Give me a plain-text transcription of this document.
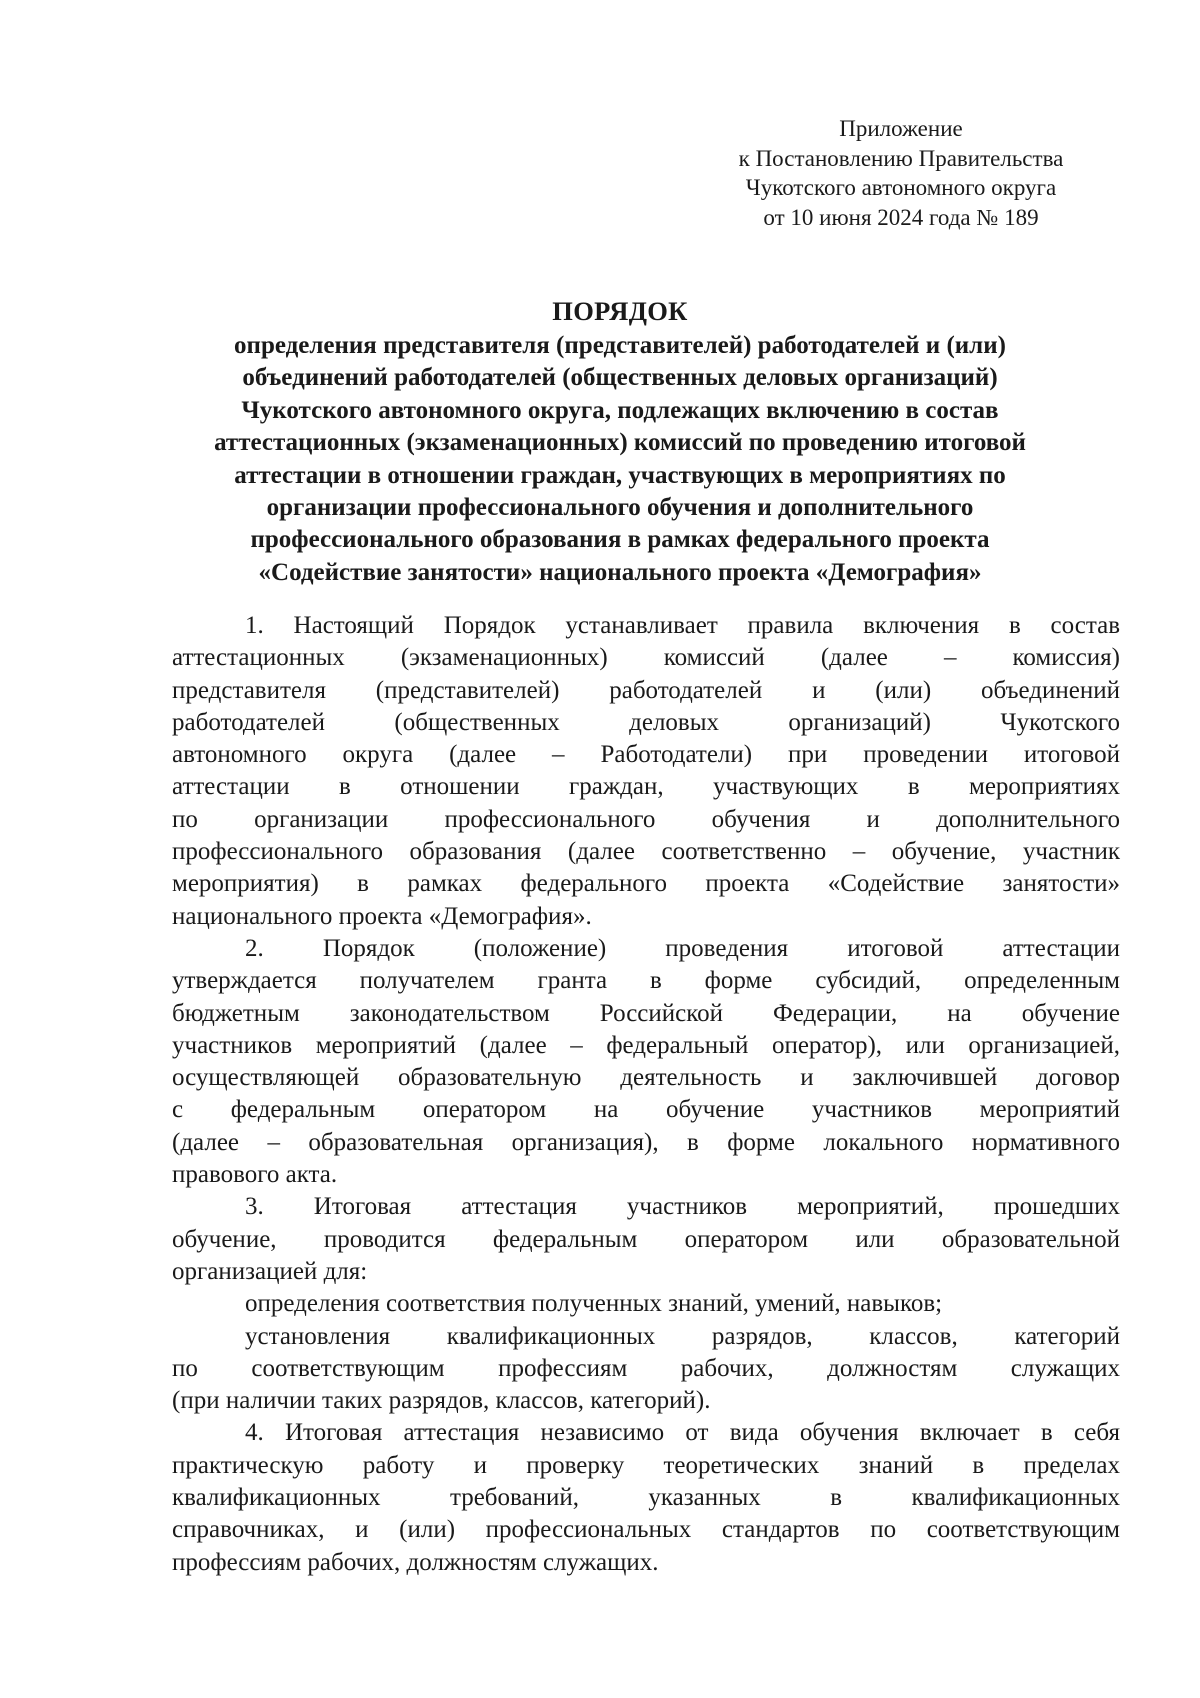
Приложение
к Постановлению Правительства
Чукотского автономного округа
от 10 июня 2024 года № 189
ПОРЯДОК
определения представителя (представителей) работодателей и (или)
объединений работодателей (общественных деловых организаций)
Чукотского автономного округа, подлежащих включению в состав
аттестационных (экзаменационных) комиссий по проведению итоговой
аттестации в отношении граждан, участвующих в мероприятиях по
организации профессионального обучения и дополнительного
профессионального образования в рамках федерального проекта
«Содействие занятости» национального проекта «Демография»
1. Настоящий Порядок устанавливает правила включения в состав
аттестационных (экзаменационных) комиссий (далее – комиссия)
представителя (представителей) работодателей и (или) объединений
работодателей (общественных деловых организаций) Чукотского
автономного округа (далее – Работодатели) при проведении итоговой
аттестации в отношении граждан, участвующих в мероприятиях
по организации профессионального обучения и дополнительного
профессионального образования (далее соответственно – обучение, участник
мероприятия) в рамках федерального проекта «Содействие занятости»
национального проекта «Демография».
2. Порядок (положение) проведения итоговой аттестации
утверждается получателем гранта в форме субсидий, определенным
бюджетным законодательством Российской Федерации, на обучение
участников мероприятий (далее – федеральный оператор), или организацией,
осуществляющей образовательную деятельность и заключившей договор
с федеральным оператором на обучение участников мероприятий
(далее – образовательная организация), в форме локального нормативного
правового акта.
3. Итоговая аттестация участников мероприятий, прошедших
обучение, проводится федеральным оператором или образовательной
организацией для:
определения соответствия полученных знаний, умений, навыков;
установления квалификационных разрядов, классов, категорий
по соответствующим профессиям рабочих, должностям служащих
(при наличии таких разрядов, классов, категорий).
4. Итоговая аттестация независимо от вида обучения включает в себя
практическую работу и проверку теоретических знаний в пределах
квалификационных требований, указанных в квалификационных
справочниках, и (или) профессиональных стандартов по соответствующим
профессиям рабочих, должностям служащих.
